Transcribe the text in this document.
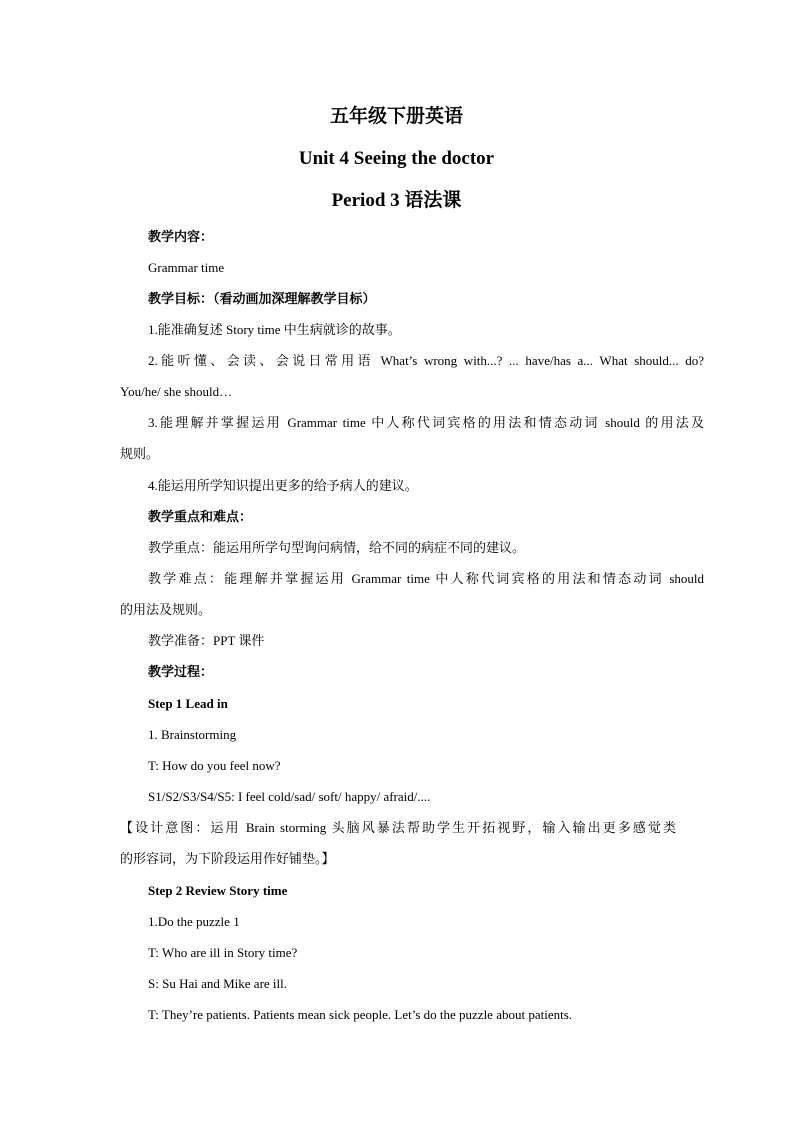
五年级下册英语
Unit 4 Seeing the doctor
Period 3 语法课
教学内容：
Grammar time
教学目标：（看动画加深理解教学目标）
1.能准确复述 Story time 中生病就诊的故事。
2.能听懂、会读、会说日常用语 What’s wrong with...? ... have/has a... What should... do?
You/he/ she should…
3.能理解并掌握运用 Grammar time 中人称代词宾格的用法和情态动词 should 的用法及
规则。
4.能运用所学知识提出更多的给予病人的建议。
教学重点和难点：
教学重点：能运用所学句型询问病情，给不同的病症不同的建议。
教学难点：能理解并掌握运用 Grammar time 中人称代词宾格的用法和情态动词 should
的用法及规则。
教学准备：PPT 课件
教学过程：
Step 1 Lead in
1. Brainstorming
T: How do you feel now?
S1/S2/S3/S4/S5: I feel cold/sad/ soft/ happy/ afraid/....
【设计意图：运用 Brain storming 头脑风暴法帮助学生开拓视野，输入输出更多感觉类
的形容词，为下阶段运用作好铺垫。】
Step 2 Review Story time
1.Do the puzzle 1
T: Who are ill in Story time?
S: Su Hai and Mike are ill.
T: They’re patients. Patients mean sick people. Let’s do the puzzle about patients.
